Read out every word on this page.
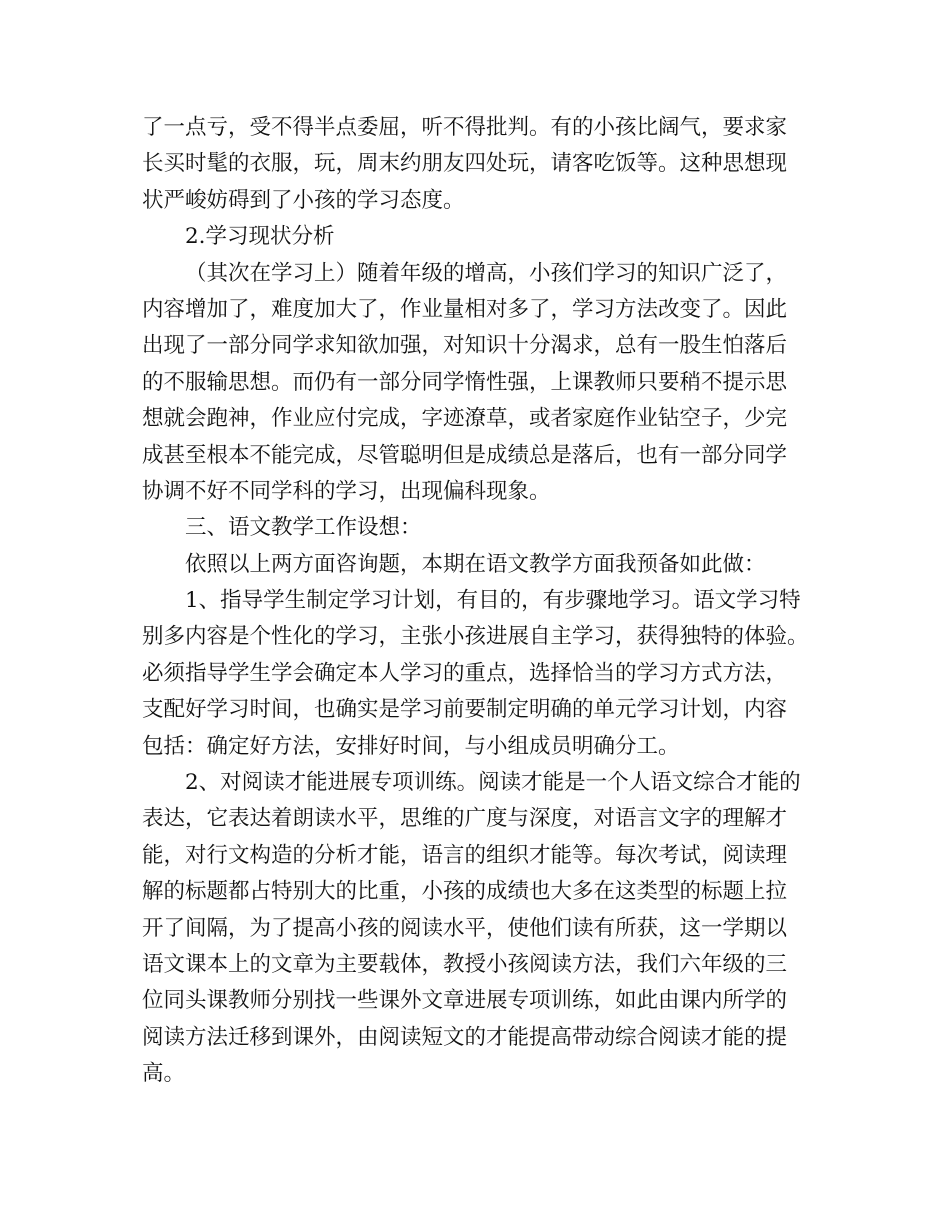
了一点亏，受不得半点委屈，听不得批判。有的小孩比阔气，要求家
长买时髦的衣服，玩，周末约朋友四处玩，请客吃饭等。这种思想现
状严峻妨碍到了小孩的学习态度。
2.学习现状分析
（其次在学习上）随着年级的增高，小孩们学习的知识广泛了，
内容增加了，难度加大了，作业量相对多了，学习方法改变了。因此
出现了一部分同学求知欲加强，对知识十分渴求，总有一股生怕落后
的不服输思想。而仍有一部分同学惰性强，上课教师只要稍不提示思
想就会跑神，作业应付完成，字迹潦草，或者家庭作业钻空子，少完
成甚至根本不能完成，尽管聪明但是成绩总是落后，也有一部分同学
协调不好不同学科的学习，出现偏科现象。
三、语文教学工作设想：
依照以上两方面咨询题，本期在语文教学方面我预备如此做：
1、指导学生制定学习计划，有目的，有步骤地学习。语文学习特
别多内容是个性化的学习，主张小孩进展自主学习，获得独特的体验。
必须指导学生学会确定本人学习的重点，选择恰当的学习方式方法，
支配好学习时间，也确实是学习前要制定明确的单元学习计划，内容
包括：确定好方法，安排好时间，与小组成员明确分工。
2、对阅读才能进展专项训练。阅读才能是一个人语文综合才能的
表达，它表达着朗读水平，思维的广度与深度，对语言文字的理解才
能，对行文构造的分析才能，语言的组织才能等。每次考试，阅读理
解的标题都占特别大的比重，小孩的成绩也大多在这类型的标题上拉
开了间隔，为了提高小孩的阅读水平，使他们读有所获，这一学期以
语文课本上的文章为主要载体，教授小孩阅读方法，我们六年级的三
位同头课教师分别找一些课外文章进展专项训练，如此由课内所学的
阅读方法迁移到课外，由阅读短文的才能提高带动综合阅读才能的提
高。
